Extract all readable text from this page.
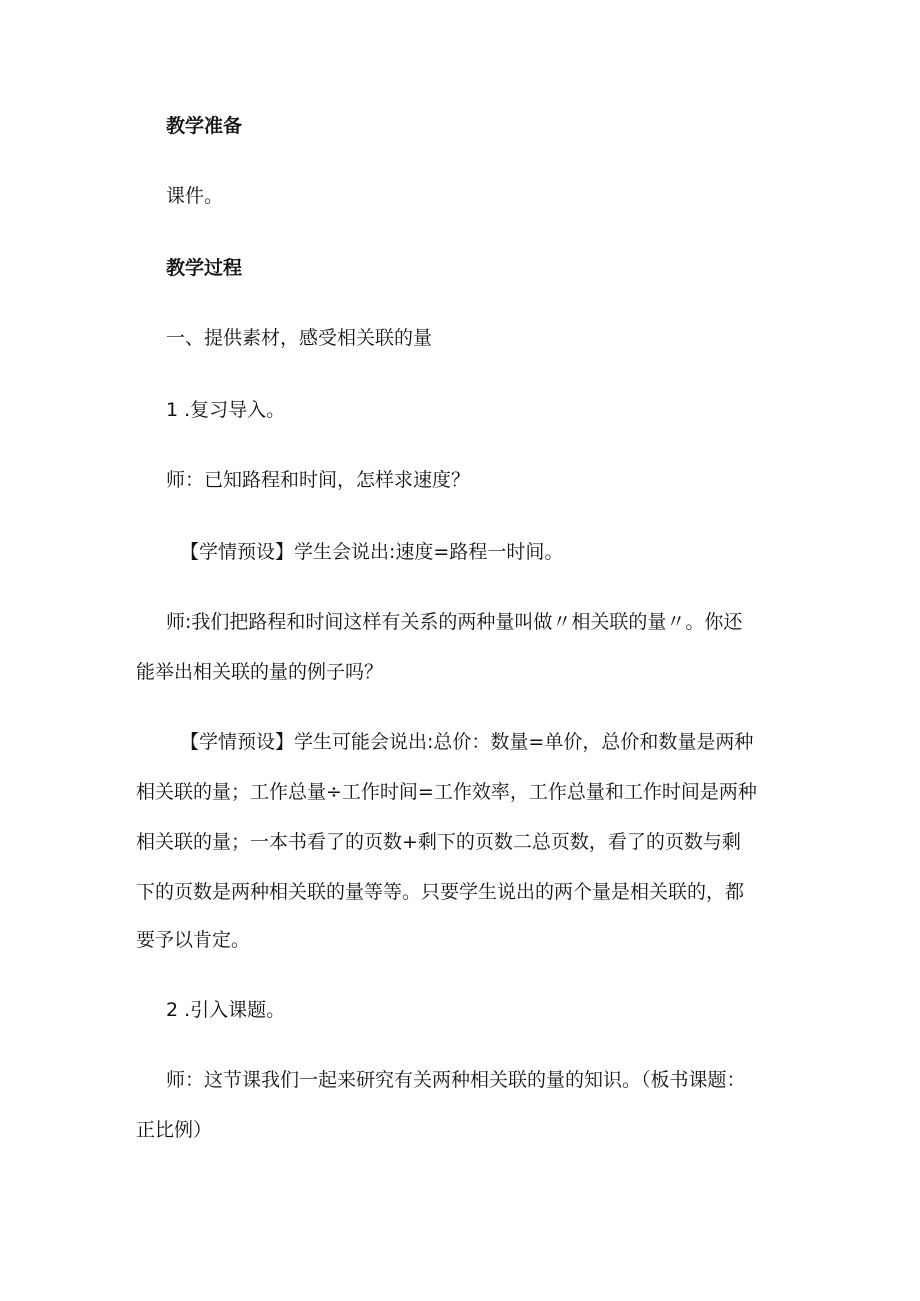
教学准备
课件。
教学过程
一、提供素材，感受相关联的量
1 .复习导入。
师：已知路程和时间，怎样求速度？
【学情预设】学生会说出:速度=路程一时间。
师:我们把路程和时间这样有关系的两种量叫做〃相关联的量〃。你还
能举出相关联的量的例子吗？
【学情预设】学生可能会说出:总价：数量=单价，总价和数量是两种
相关联的量；工作总量÷工作时间=工作效率，工作总量和工作时间是两种
相关联的量；一本书看了的页数+剩下的页数二总页数，看了的页数与剩
下的页数是两种相关联的量等等。只要学生说出的两个量是相关联的，都
要予以肯定。
2 .引入课题。
师：这节课我们一起来研究有关两种相关联的量的知识。（板书课题：
正比例）
